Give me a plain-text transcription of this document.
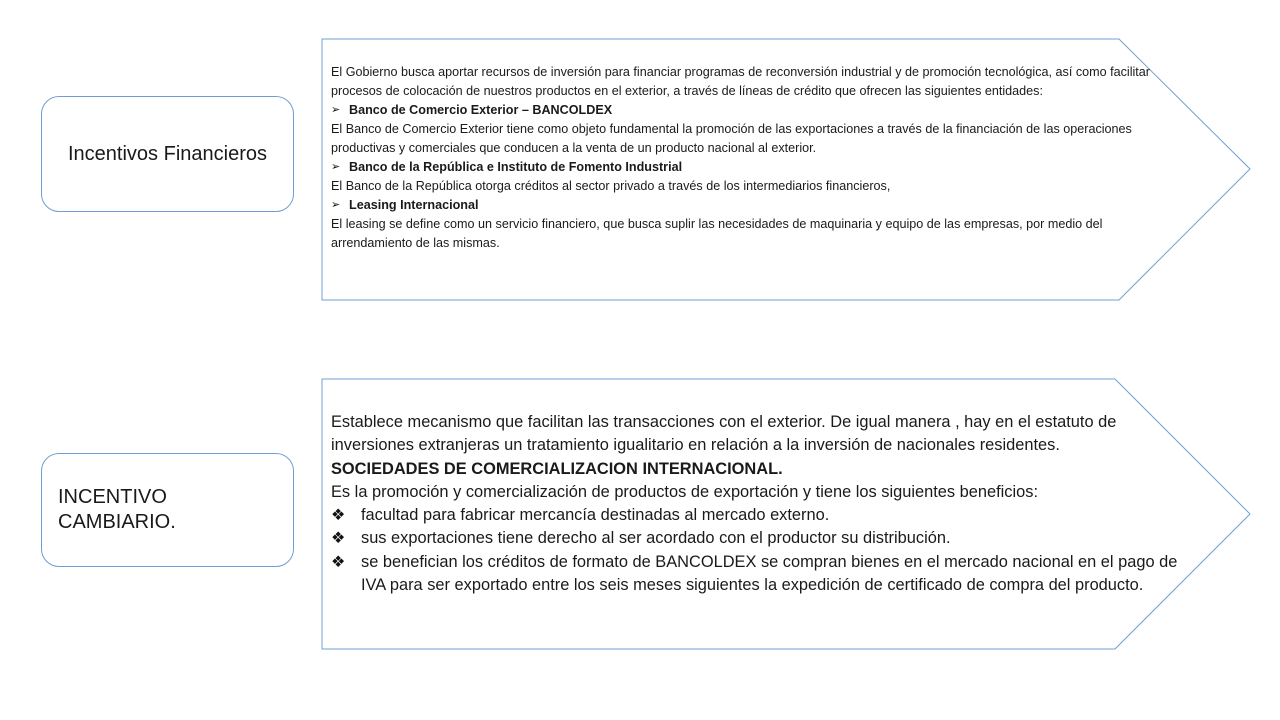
Incentivos Financieros
INCENTIVO CAMBIARIO.

El Gobierno busca aportar recursos de inversión para financiar programas de reconversión industrial y de promoción tecnológica, así como facilitar procesos de colocación de nuestros productos en el exterior, a través de líneas de crédito que ofrecen las siguientes entidades:

➢ Banco de Comercio Exterior – BANCOLDEX

El Banco de Comercio Exterior tiene como objeto fundamental la promoción de las exportaciones a través de la financiación de las operaciones productivas y comerciales que conducen a la venta de un producto nacional al exterior.

➢ Banco de la República e Instituto de Fomento Industrial

El Banco de la República otorga créditos al sector privado a través de los intermediarios financieros,

➢ Leasing Internacional

El leasing se define como un servicio financiero, que busca suplir las necesidades de maquinaria y equipo de las empresas, por medio del arrendamiento de las mismas.

Establece mecanismo que facilitan las transacciones con el exterior. De igual manera , hay en el estatuto de inversiones extranjeras un tratamiento igualitario en relación a la inversión de nacionales residentes.

SOCIEDADES DE COMERCIALIZACION INTERNACIONAL.

Es la promoción y comercialización de productos de exportación y tiene los siguientes beneficios:

❖ facultad para fabricar mercancía destinadas al mercado externo.
❖ sus exportaciones tiene derecho al ser acordado con el productor su distribución.
❖ se benefician los créditos de formato de BANCOLDEX se compran bienes en el mercado nacional en el pago de IVA para ser exportado entre los seis meses siguientes la expedición de certificado de compra del producto.
